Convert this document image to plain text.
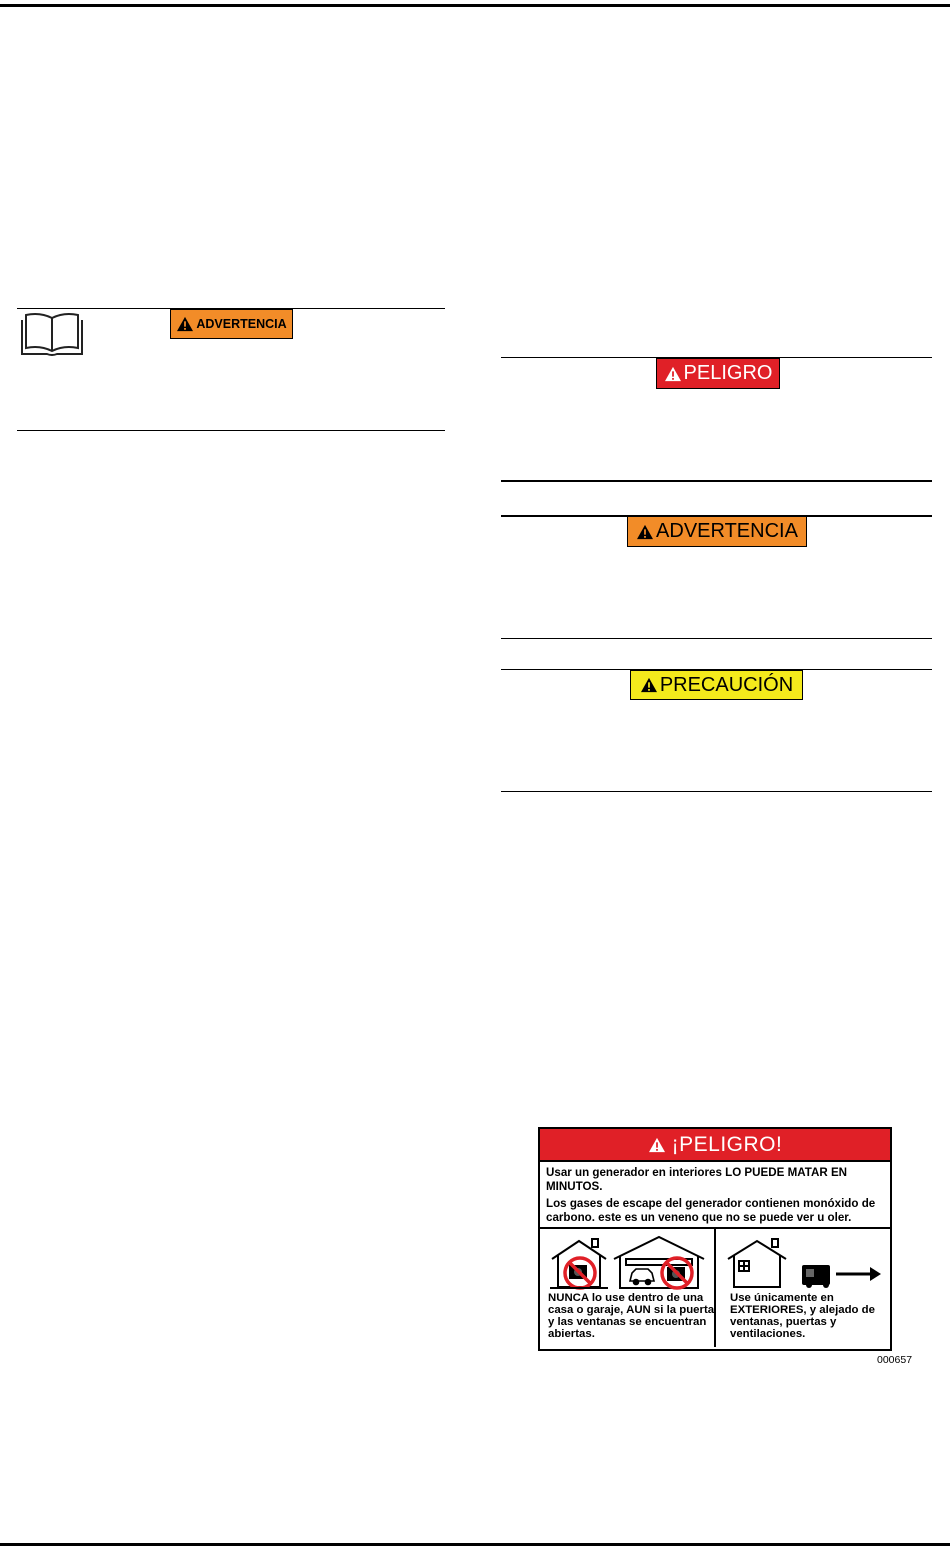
ADVERTENCIA
PELIGRO
ADVERTENCIA
PRECAUCIÓN
¡PELIGRO!

Usar un generador en interiores LO PUEDE MATAR EN MINUTOS.

Los gases de escape del generador contienen monóxido de carbono. este es un veneno que no se puede ver u oler.

NUNCA lo use dentro de una casa o garaje, AUN si la puerta y las ventanas se encuentran abiertas.
Use únicamente en EXTERIORES, y alejado de ventanas, puertas y ventilaciones.
000657
